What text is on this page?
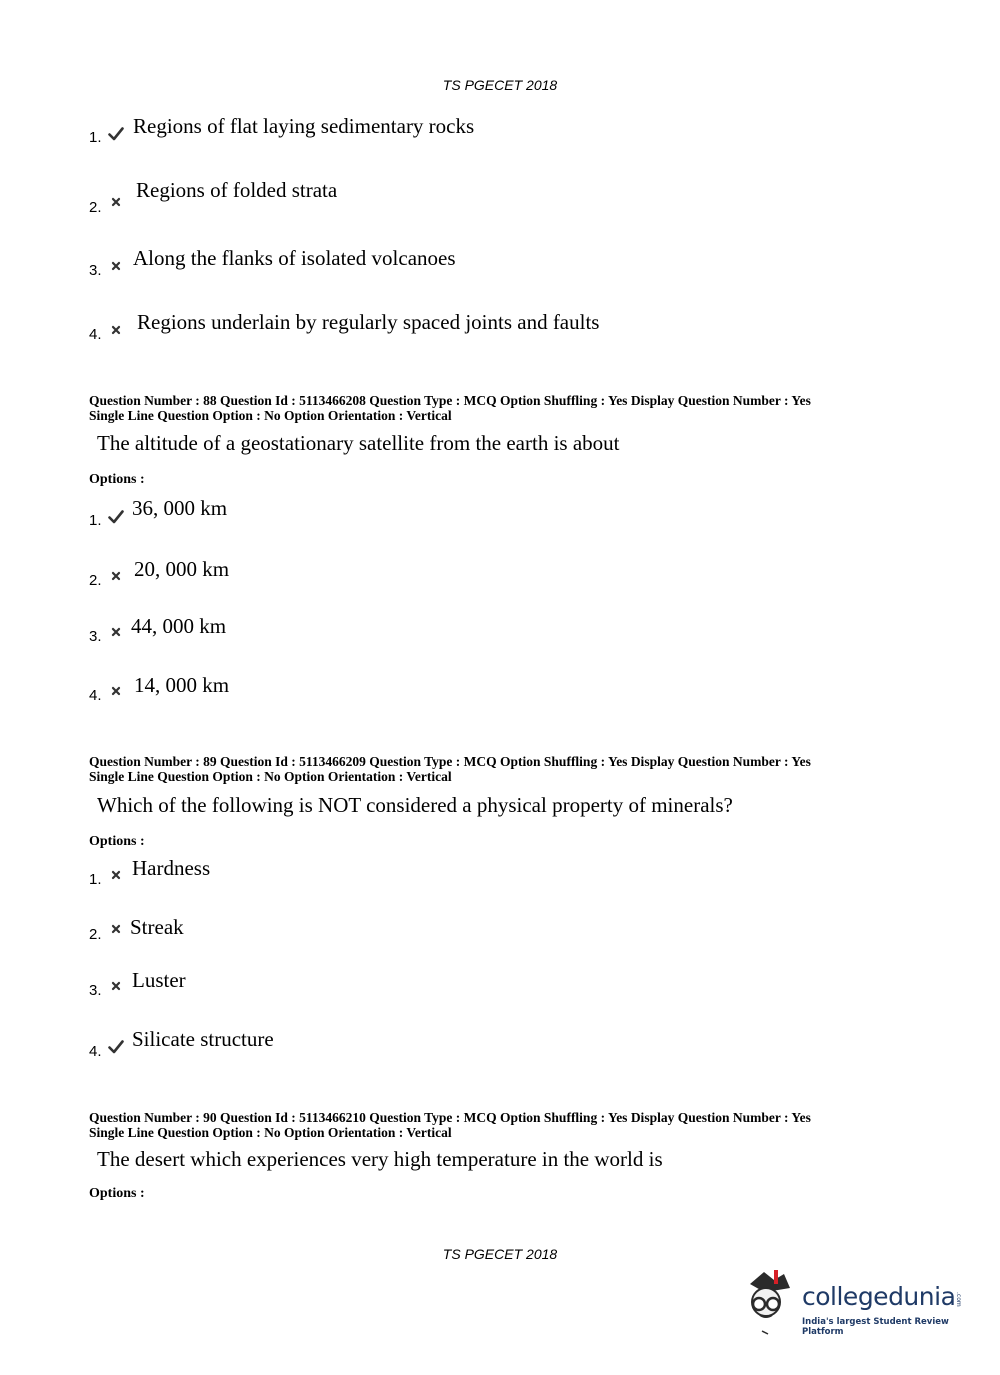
TS PGECET 2018
1. Regions of flat laying sedimentary rocks
2.
Regions of folded strata
3.
Along the flanks of isolated volcanoes
4.
Regions underlain by regularly spaced joints and faults
Question Number : 88 Question Id : 5113466208 Question Type : MCQ Option Shuffling : Yes Display Question Number : Yes
Single Line Question Option : No Option Orientation : Vertical
The altitude of a geostationary satellite from the earth is about
Options :
1.
36, 000 km
2. 20, 000 km
3. 44, 000 km
4. 14, 000 km
Question Number : 89 Question Id : 5113466209 Question Type : MCQ Option Shuffling : Yes Display Question Number : Yes
Single Line Question Option : No Option Orientation : Vertical
Which of the following is NOT considered a physical property of minerals?
Options :
1. Hardness
2. Streak
3. Luster
4.
Silicate structure
Question Number : 90 Question Id : 5113466210 Question Type : MCQ Option Shuffling : Yes Display Question Number : Yes
Single Line Question Option : No Option Orientation : Vertical
The desert which experiences very high temperature in the world is
Options :
TS PGECET 2018
collegedunia .com
India's largest Student Review Platform
